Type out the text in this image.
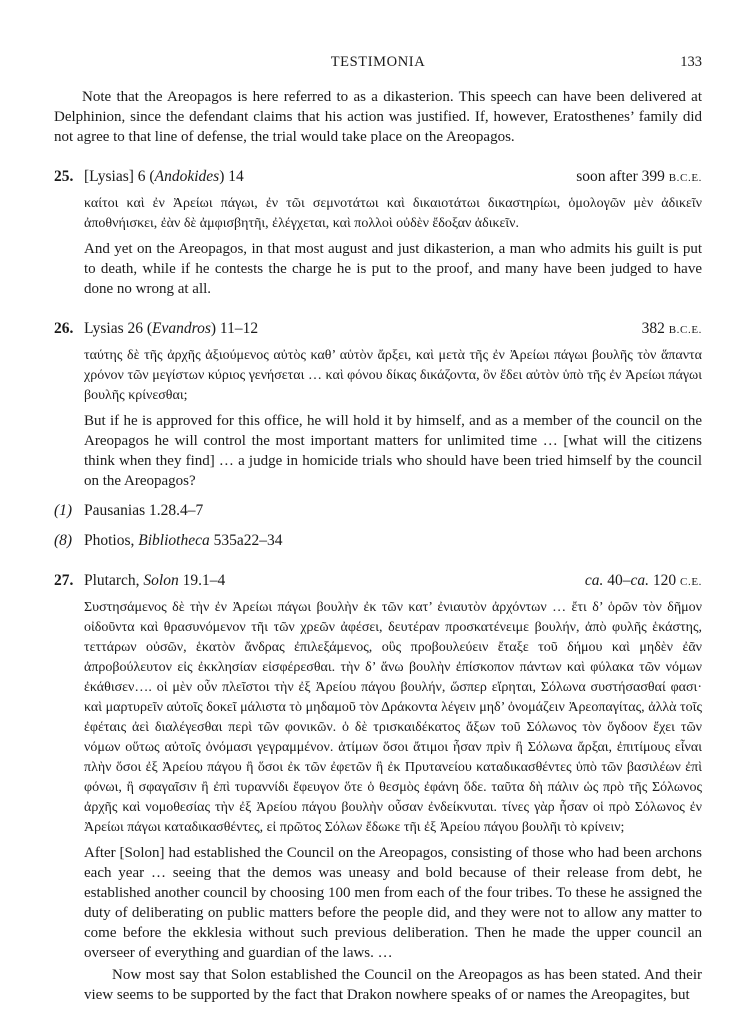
TESTIMONIA	133

Note that the Areopagos is here referred to as a dikasterion. This speech can have been delivered at Delphinion, since the defendant claims that his action was justified. If, however, Eratosthenes’ family did not agree to that line of defense, the trial would take place on the Areopagos.

25. [Lysias] 6 (Andokides) 14	soon after 399 B.C.E.

καίτοι καὶ ἐν Ἀρείωι πάγωι, ἐν τῶι σεμνοτάτωι καὶ δικαιοτάτωι δικαστηρίωι, ὁμολογῶν μὲν ἀδικεῖν ἀποθνήισκει, ἐὰν δὲ ἀμφισβητῆι, ἐλέγχεται, καὶ πολλοὶ οὐδὲν ἔδοξαν ἀδικεῖν.

And yet on the Areopagos, in that most august and just dikasterion, a man who admits his guilt is put to death, while if he contests the charge he is put to the proof, and many have been judged to have done no wrong at all.

26. Lysias 26 (Evandros) 11–12	382 B.C.E.

ταύτης δὲ τῆς ἀρχῆς ἀξιούμενος αὐτὸς καθ’ αὑτὸν ἄρξει, καὶ μετὰ τῆς ἐν Ἀρείωι πάγωι βουλῆς τὸν ἅπαντα χρόνον τῶν μεγίστων κύριος γενήσεται … καὶ φόνου δίκας δικάζοντα, ὃν ἔδει αὐτὸν ὑπὸ τῆς ἐν Ἀρείωι πάγωι βουλῆς κρίνεσθαι;

But if he is approved for this office, he will hold it by himself, and as a member of the council on the Areopagos he will control the most important matters for unlimited time … [what will the citizens think when they find] … a judge in homicide trials who should have been tried himself by the council on the Areopagos?

(1) Pausanias 1.28.4–7
(8) Photios, Bibliotheca 535a22–34
27. Plutarch, Solon 19.1–4	ca. 40–ca. 120 C.E.

Συστησάμενος δὲ τὴν ἐν Ἀρείωι πάγωι βουλὴν ἐκ τῶν κατ’ ἐνιαυτὸν ἀρχόντων … ἔτι δ’ ὁρῶν τὸν δῆμον οἰδοῦντα καὶ θρασυνόμενον τῆι τῶν χρεῶν ἀφέσει, δευτέραν προσκατένειμε βουλήν, ἀπὸ φυλῆς ἑκάστης, τεττάρων οὐσῶν, ἑκατὸν ἄνδρας ἐπιλεξάμενος, οὓς προβουλεύειν ἔταξε τοῦ δήμου καὶ μηδὲν ἐᾶν ἀπροβούλευτον εἰς ἐκκλησίαν εἰσφέρεσθαι. τὴν δ’ ἄνω βουλὴν ἐπίσκοπον πάντων καὶ φύλακα τῶν νόμων ἐκάθισεν…. οἱ μὲν οὖν πλεῖστοι τὴν ἐξ Ἀρείου πάγου βουλήν, ὥσπερ εἴρηται, Σόλωνα συστήσασθαί φασι· καὶ μαρτυρεῖν αὐτοῖς δοκεῖ μάλιστα τὸ μηδαμοῦ τὸν Δράκοντα λέγειν μηδ’ ὀνομάζειν Ἀρεοπαγίτας, ἀλλὰ τοῖς ἐφέταις ἀεὶ διαλέγεσθαι περὶ τῶν φονικῶν. ὁ δὲ τρισκαιδέκατος ἄξων τοῦ Σόλωνος τὸν ὄγδοον ἔχει τῶν νόμων οὕτως αὐτοῖς ὀνόμασι γεγραμμένον. ἀτίμων ὅσοι ἄτιμοι ἦσαν πρὶν ἢ Σόλωνα ἄρξαι, ἐπιτίμους εἶναι πλὴν ὅσοι ἐξ Ἀρείου πάγου ἢ ὅσοι ἐκ τῶν ἐφετῶν ἢ ἐκ Πρυτανείου καταδικασθέντες ὑπὸ τῶν βασιλέων ἐπὶ φόνωι, ἢ σφαγαῖσιν ἢ ἐπὶ τυραννίδι ἔφευγον ὅτε ὁ θεσμὸς ἐφάνη ὅδε. ταῦτα δὴ πάλιν ὡς πρὸ τῆς Σόλωνος ἀρχῆς καὶ νομοθεσίας τὴν ἐξ Ἀρείου πάγου βουλὴν οὖσαν ἐνδείκνυται. τίνες γὰρ ἦσαν οἱ πρὸ Σόλωνος ἐν Ἀρείωι πάγωι καταδικασθέντες, εἰ πρῶτος Σόλων ἔδωκε τῆι ἐξ Ἀρείου πάγου βουλῆι τὸ κρίνειν;

After [Solon] had established the Council on the Areopagos, consisting of those who had been archons each year … seeing that the demos was uneasy and bold because of their release from debt, he established another council by choosing 100 men from each of the four tribes. To these he assigned the duty of deliberating on public matters before the people did, and they were not to allow any matter to come before the ekklesia without such previous deliberation. Then he made the upper council an overseer of everything and guardian of the laws. …

Now most say that Solon established the Council on the Areopagos as has been stated. And their view seems to be supported by the fact that Drakon nowhere speaks of or names the Areopagites, but
